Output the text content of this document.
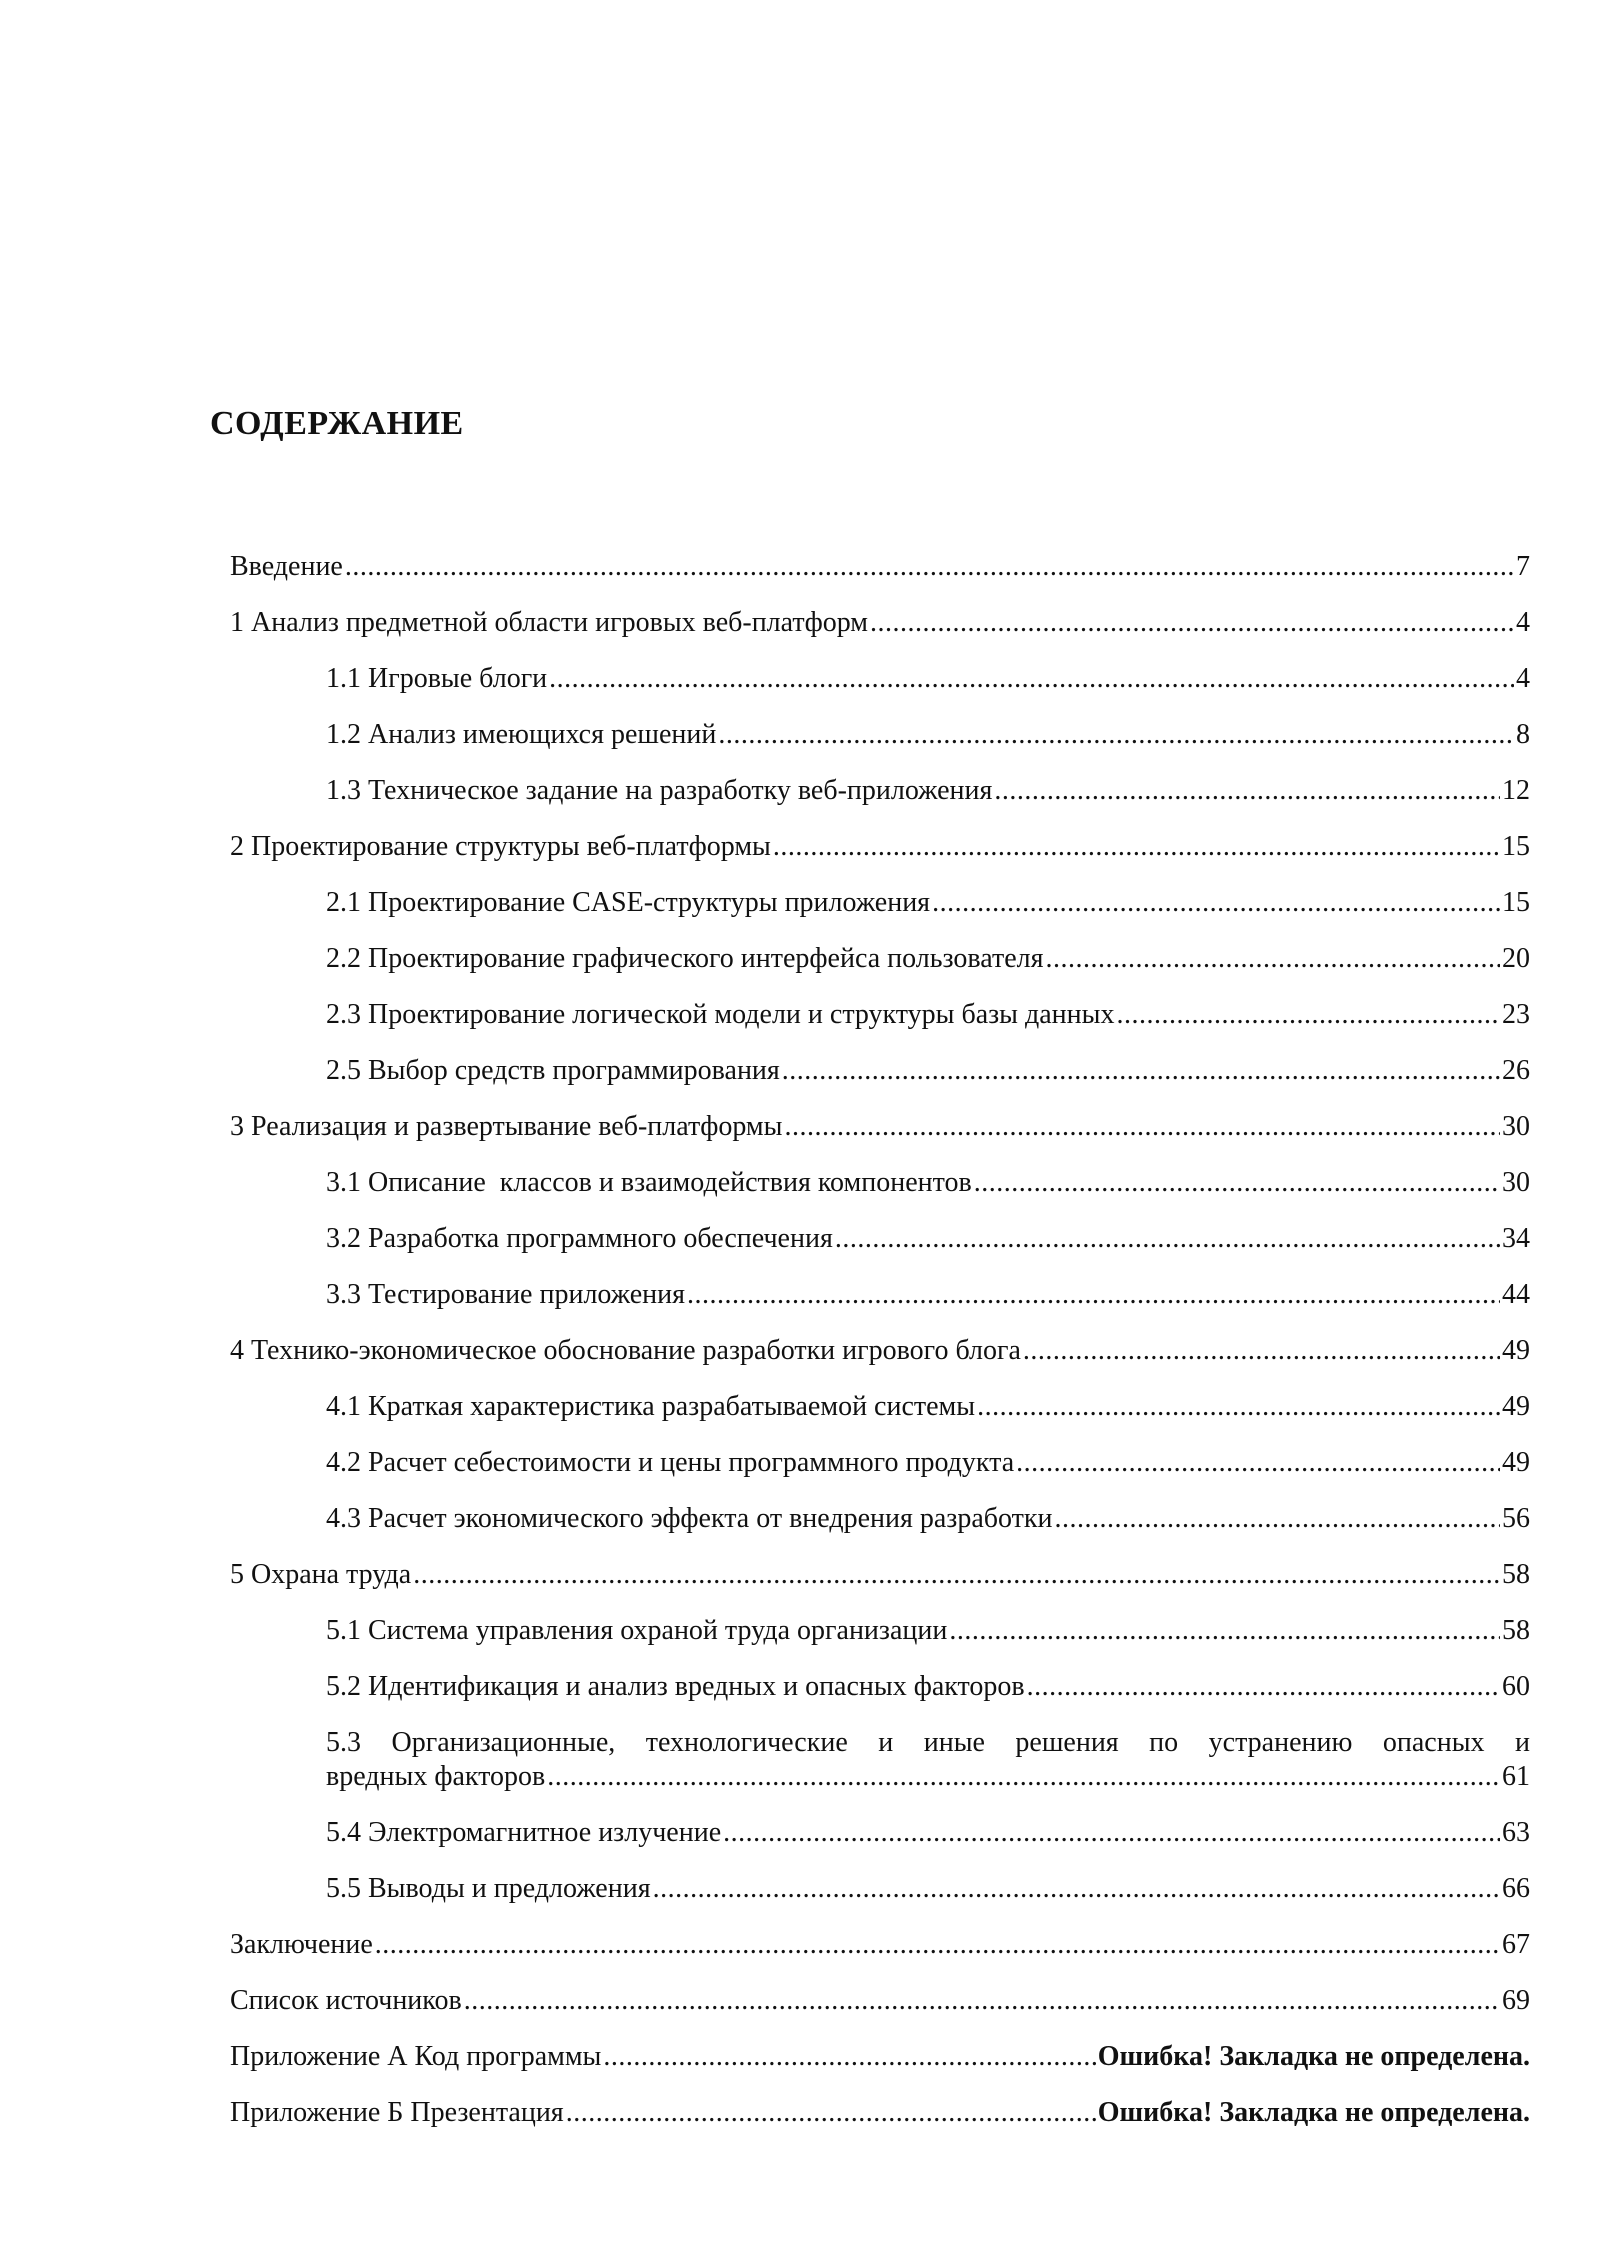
СОДЕРЖАНИЕ
Введение .....	7
1 Анализ предметной области игровых веб-платформ .....	4
1.1 Игровые блоги .....	4
1.2 Анализ имеющихся решений .....	8
1.3 Техническое задание на разработку веб-приложения .....	12
2 Проектирование структуры веб-платформы .....	15
2.1 Проектирование CASE-структуры приложения .....	15
2.2 Проектирование графического интерфейса пользователя .....	20
2.3 Проектирование логической модели и структуры базы данных .....	23
2.5 Выбор средств программирования .....	26
3 Реализация и развертывание веб-платформы .....	30
3.1 Описание  классов и взаимодействия компонентов .....	30
3.2 Разработка программного обеспечения .....	34
3.3 Тестирование приложения .....	44
4 Технико-экономическое обоснование разработки игрового блога .....	49
4.1 Краткая характеристика разрабатываемой системы .....	49
4.2 Расчет себестоимости и цены программного продукта .....	49
4.3 Расчет экономического эффекта от внедрения разработки .....	56
5 Охрана труда .....	58
5.1 Система управления охраной труда организации .....	58
5.2 Идентификация и анализ вредных и опасных факторов .....	60
5.3 Организационные, технологические и иные решения по устранению опасных и
вредных факторов .....	61
5.4 Электромагнитное излучение .....	63
5.5 Выводы и предложения .....	66
Заключение .....	67
Список источников .....	69
Приложение А Код программы .....	Ошибка! Закладка не определена.
Приложение Б Презентация .....	Ошибка! Закладка не определена.
